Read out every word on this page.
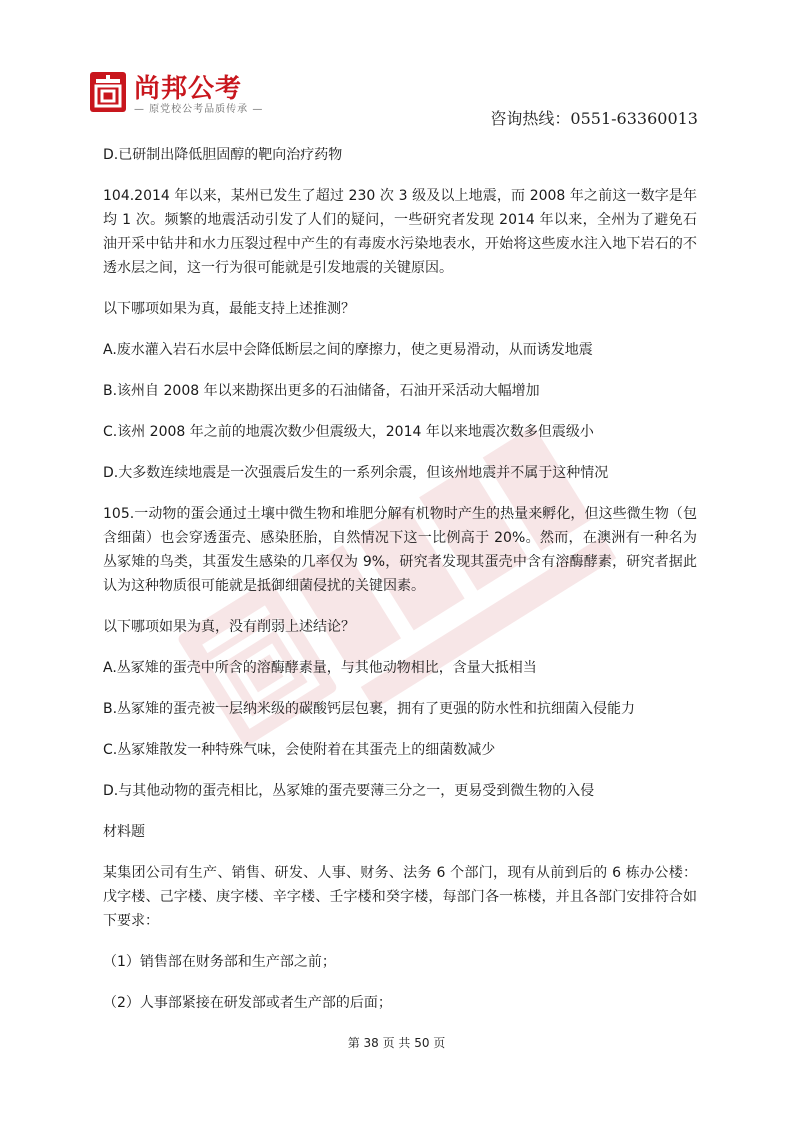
尚邦公考
— 原党校公考品质传承 —	咨询热线：0551-63360013

D.已研制出降低胆固醇的靶向治疗药物

104.2014 年以来，某州已发生了超过 230 次 3 级及以上地震，而 2008 年之前这一数字是年均 1 次。频繁的地震活动引发了人们的疑问，一些研究者发现 2014 年以来，全州为了避免石油开采中钻井和水力压裂过程中产生的有毒废水污染地表水，开始将这些废水注入地下岩石的不透水层之间，这一行为很可能就是引发地震的关键原因。

以下哪项如果为真，最能支持上述推测？

A.废水灌入岩石水层中会降低断层之间的摩擦力，使之更易滑动，从而诱发地震

B.该州自 2008 年以来勘探出更多的石油储备，石油开采活动大幅增加

C.该州 2008 年之前的地震次数少但震级大，2014 年以来地震次数多但震级小

D.大多数连续地震是一次强震后发生的一系列余震，但该州地震并不属于这种情况

105.一动物的蛋会通过土壤中微生物和堆肥分解有机物时产生的热量来孵化，但这些微生物（包含细菌）也会穿透蛋壳、感染胚胎，自然情况下这一比例高于 20%。然而，在澳洲有一种名为丛冢雉的鸟类，其蛋发生感染的几率仅为 9%，研究者发现其蛋壳中含有溶酶酵素，研究者据此认为这种物质很可能就是抵御细菌侵扰的关键因素。

以下哪项如果为真，没有削弱上述结论？

A.丛冢雉的蛋壳中所含的溶酶酵素量，与其他动物相比，含量大抵相当

B.丛冢雉的蛋壳被一层纳米级的碳酸钙层包裹，拥有了更强的防水性和抗细菌入侵能力

C.丛冢雉散发一种特殊气味，会使附着在其蛋壳上的细菌数减少

D.与其他动物的蛋壳相比，丛冢雉的蛋壳要薄三分之一，更易受到微生物的入侵

材料题

某集团公司有生产、销售、研发、人事、财务、法务 6 个部门，现有从前到后的 6 栋办公楼：戊字楼、己字楼、庚字楼、辛字楼、壬字楼和癸字楼，每部门各一栋楼，并且各部门安排符合如下要求：

（1）销售部在财务部和生产部之前；

（2）人事部紧接在研发部或者生产部的后面；

第 38 页 共 50 页
